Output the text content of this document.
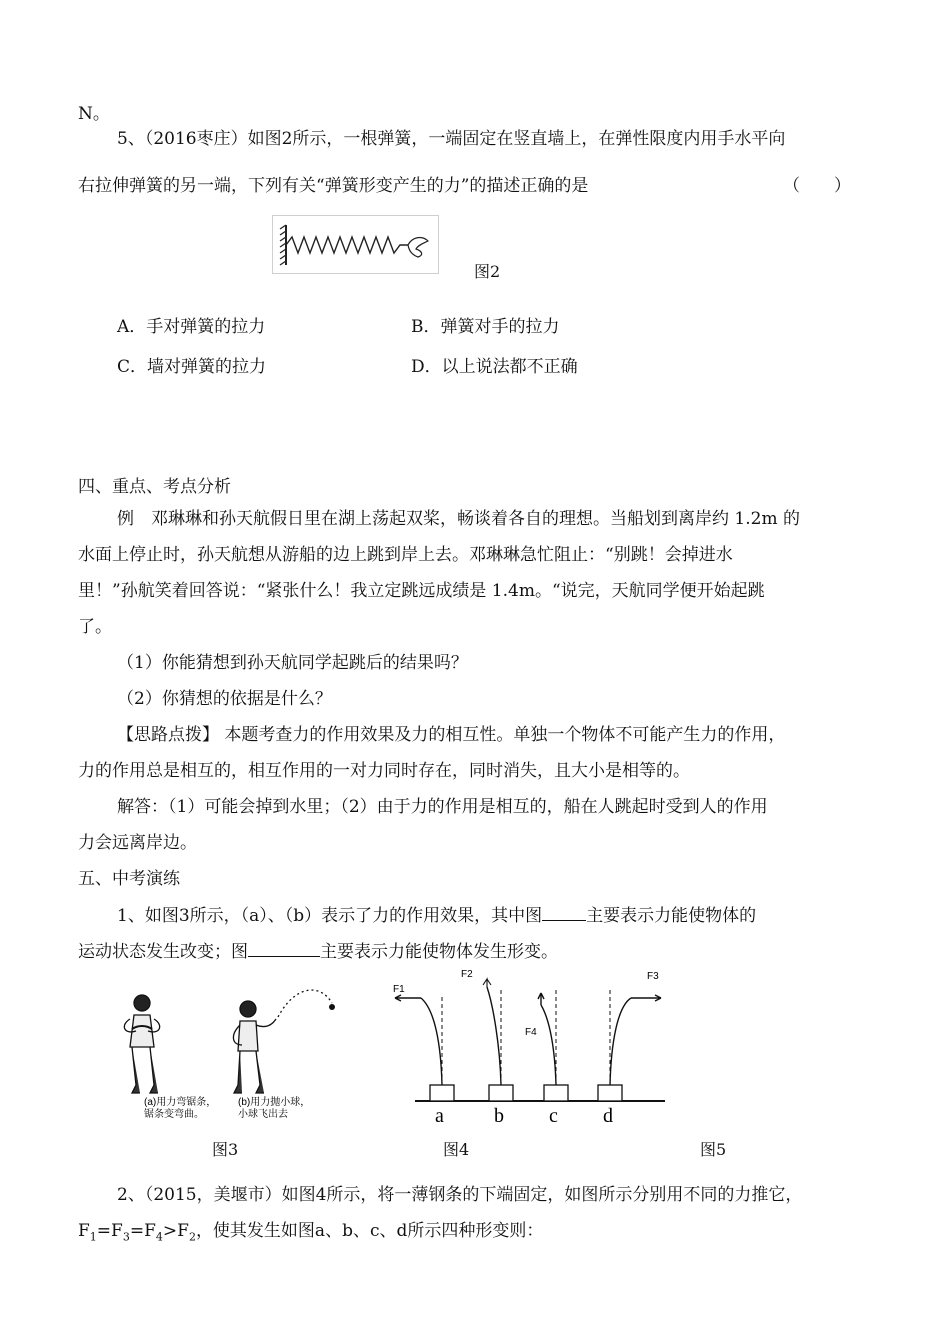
N。
5、（2016枣庄）如图2所示，一根弹簧，一端固定在竖直墙上，在弹性限度内用手水平向
右拉伸弹簧的另一端，下列有关“弹簧形变产生的力”的描述正确的是	（　　）
图2
A．手对弹簧的拉力	B．弹簧对手的拉力
C．墙对弹簧的拉力	D．以上说法都不正确
四、重点、考点分析
例　邓琳琳和孙天航假日里在湖上荡起双桨，畅谈着各自的理想。当船划到离岸约 1.2m 的
水面上停止时，孙天航想从游船的边上跳到岸上去。邓琳琳急忙阻止：“别跳！会掉进水
里！”孙航笑着回答说：“紧张什么！我立定跳远成绩是 1.4m。“说完，天航同学便开始起跳
了。
（1）你能猜想到孙天航同学起跳后的结果吗？
（2）你猜想的依据是什么？
【思路点拨】 本题考查力的作用效果及力的相互性。单独一个物体不可能产生力的作用，
力的作用总是相互的，相互作用的一对力同时存在，同时消失，且大小是相等的。
解答：（1）可能会掉到水里；（2）由于力的作用是相互的，船在人跳起时受到人的作用
力会远离岸边。
五、中考演练
1、如图3所示，（a）、（b）表示了力的作用效果，其中图	主要表示力能使物体的
运动状态发生改变；图	主要表示力能使物体发生形变。
(a)用力弯锯条，
锯条变弯曲。
(b)用力抛小球，
小球飞出去
F1
F2
F4
F3
a	b c d
图3	图4	图5
2、（2015，美堰市）如图4所示，将一薄钢条的下端固定，如图所示分别用不同的力推它，
$F_1=F_3=F_4>F_2$，使其发生如图a、b、c、d所示四种形变则：
